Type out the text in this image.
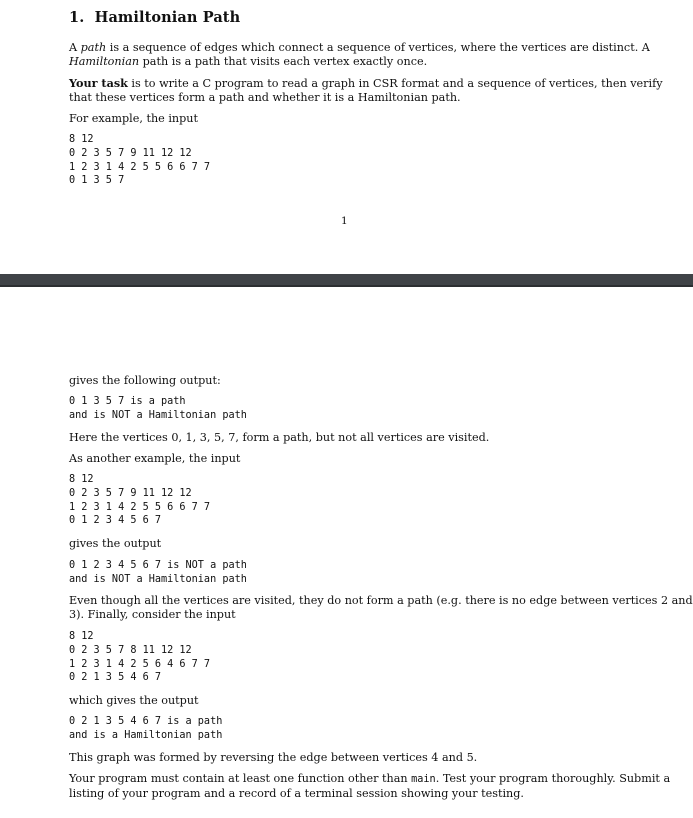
1. Hamiltonian Path
A path is a sequence of edges which connect a sequence of vertices, where the vertices are distinct. A
Hamiltonian path is a path that visits each vertex exactly once.
Your task is to write a C program to read a graph in CSR format and a sequence of vertices, then verify
that these vertices form a path and whether it is a Hamiltonian path.
For example, the input
8 12
0 2 3 5 7 9 11 12 12
1 2 3 1 4 2 5 5 6 6 7 7
0 1 3 5 7
1
gives the following output:
0 1 3 5 7 is a path
and is NOT a Hamiltonian path
Here the vertices 0, 1, 3, 5, 7, form a path, but not all vertices are visited.
As another example, the input
8 12
0 2 3 5 7 9 11 12 12
1 2 3 1 4 2 5 5 6 6 7 7
0 1 2 3 4 5 6 7
gives the output
0 1 2 3 4 5 6 7 is NOT a path
and is NOT a Hamiltonian path
Even though all the vertices are visited, they do not form a path (e.g. there is no edge between vertices 2 and
3). Finally, consider the input
8 12
0 2 3 5 7 8 11 12 12
1 2 3 1 4 2 5 6 4 6 7 7
0 2 1 3 5 4 6 7
which gives the output
0 2 1 3 5 4 6 7 is a path
and is a Hamiltonian path
This graph was formed by reversing the edge between vertices 4 and 5.
Your program must contain at least one function other than main. Test your program thoroughly. Submit a
listing of your program and a record of a terminal session showing your testing.
